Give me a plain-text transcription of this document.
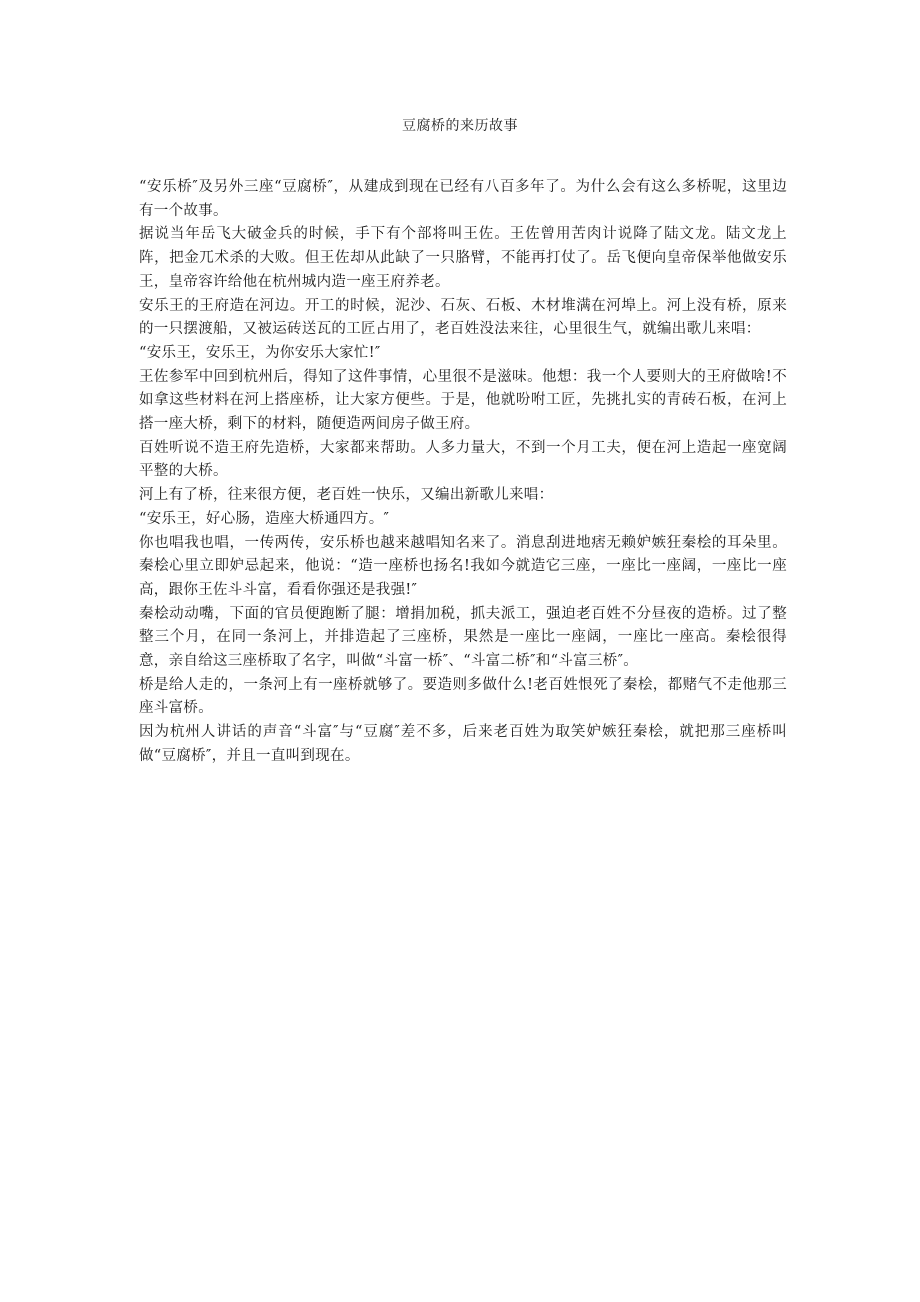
豆腐桥的来历故事

“安乐桥″及另外三座“豆腐桥″，从建成到现在已经有八百多年了。为什么会有这么多桥呢，这里边有一个故事。

据说当年岳飞大破金兵的时候，手下有个部将叫王佐。王佐曾用苦肉计说降了陆文龙。陆文龙上阵，把金兀术杀的大败。但王佐却从此缺了一只胳臂，不能再打仗了。岳飞便向皇帝保举他做安乐王，皇帝容许给他在杭州城内造一座王府养老。

安乐王的王府造在河边。开工的时候，泥沙、石灰、石板、木材堆满在河埠上。河上没有桥，原来的一只摆渡船，又被运砖送瓦的工匠占用了，老百姓没法来往，心里很生气，就编出歌儿来唱：

“安乐王，安乐王，为你安乐大家忙!″

王佐参军中回到杭州后，得知了这件事情，心里很不是滋味。他想：我一个人要则大的王府做啥!不如拿这些材料在河上搭座桥，让大家方便些。于是，他就吩咐工匠，先挑扎实的青砖石板，在河上搭一座大桥，剩下的材料，随便造两间房子做王府。

百姓听说不造王府先造桥，大家都来帮助。人多力量大，不到一个月工夫，便在河上造起一座宽阔平整的大桥。

河上有了桥，往来很方便，老百姓一快乐，又编出新歌儿来唱：

“安乐王，好心肠，造座大桥通四方。″

你也唱我也唱，一传两传，安乐桥也越来越唱知名来了。消息刮进地痞无赖妒嫉狂秦桧的耳朵里。秦桧心里立即妒忌起来，他说：“造一座桥也扬名!我如今就造它三座，一座比一座阔，一座比一座高，跟你王佐斗斗富，看看你强还是我强!″

秦桧动动嘴，下面的官员便跑断了腿：增捐加税，抓夫派工，强迫老百姓不分昼夜的造桥。过了整整三个月，在同一条河上，并排造起了三座桥，果然是一座比一座阔，一座比一座高。秦桧很得意，亲自给这三座桥取了名字，叫做“斗富一桥″、“斗富二桥″和“斗富三桥″。

桥是给人走的，一条河上有一座桥就够了。要造则多做什么!老百姓恨死了秦桧，都赌气不走他那三座斗富桥。

因为杭州人讲话的声音“斗富″与“豆腐″差不多，后来老百姓为取笑妒嫉狂秦桧，就把那三座桥叫做“豆腐桥″，并且一直叫到现在。
